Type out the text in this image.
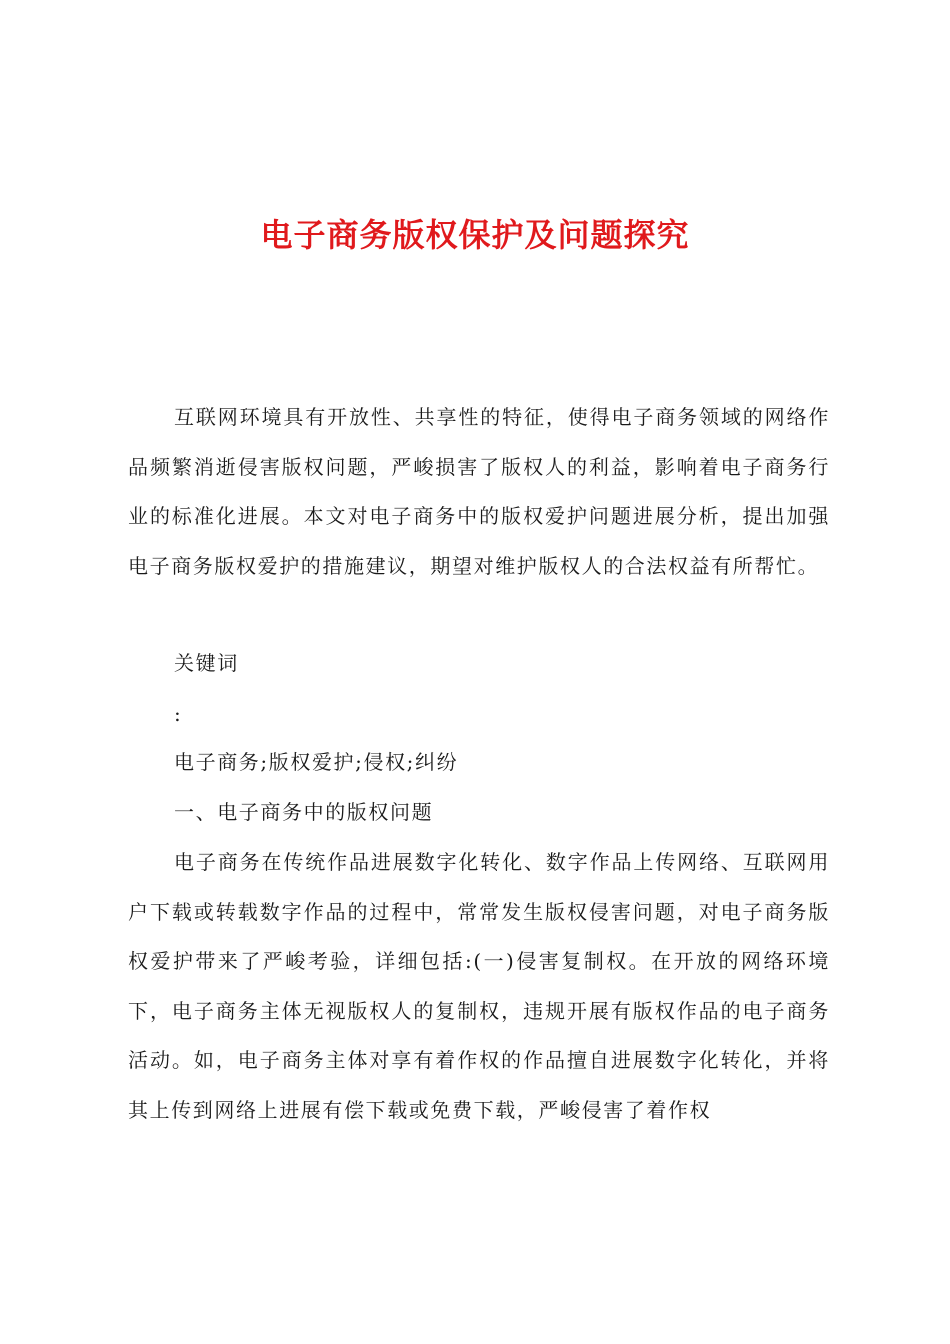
电子商务版权保护及问题探究

互联网环境具有开放性、共享性的特征，使得电子商务领域的网络作品频繁消逝侵害版权问题，严峻损害了版权人的利益，影响着电子商务行业的标准化进展。本文对电子商务中的版权爱护问题进展分析，提出加强电子商务版权爱护的措施建议，期望对维护版权人的合法权益有所帮忙。

关键词

:

电子商务;版权爱护;侵权;纠纷

一、电子商务中的版权问题

电子商务在传统作品进展数字化转化、数字作品上传网络、互联网用户下载或转载数字作品的过程中，常常发生版权侵害问题，对电子商务版权爱护带来了严峻考验，详细包括:(一)侵害复制权。在开放的网络环境下，电子商务主体无视版权人的复制权，违规开展有版权作品的电子商务活动。如，电子商务主体对享有着作权的作品擅自进展数字化转化，并将其上传到网络上进展有偿下载或免费下载，严峻侵害了着作权
